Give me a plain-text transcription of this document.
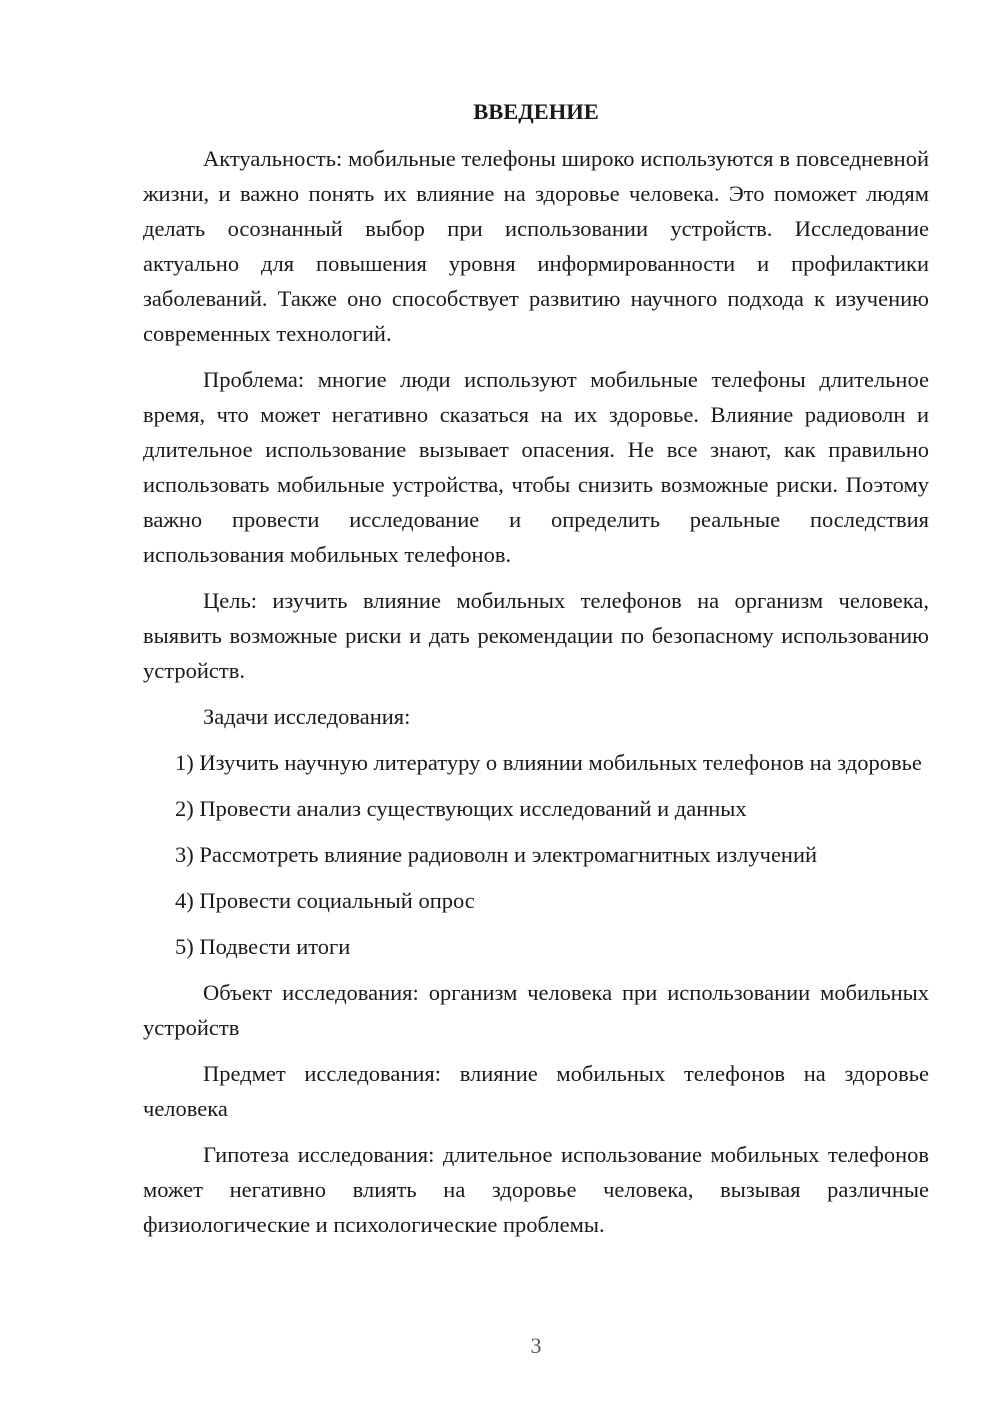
ВВЕДЕНИЕ

Актуальность: мобильные телефоны широко используются в повседневной жизни, и важно понять их влияние на здоровье человека. Это поможет людям делать осознанный выбор при использовании устройств. Исследование актуально для повышения уровня информированности и профилактики заболеваний. Также оно способствует развитию научного подхода к изучению современных технологий.

Проблема: многие люди используют мобильные телефоны длительное время, что может негативно сказаться на их здоровье. Влияние радиоволн и длительное использование вызывает опасения. Не все знают, как правильно использовать мобильные устройства, чтобы снизить возможные риски. Поэтому важно провести исследование и определить реальные последствия использования мобильных телефонов.

Цель: изучить влияние мобильных телефонов на организм человека, выявить возможные риски и дать рекомендации по безопасному использованию устройств.

Задачи исследования:

1) Изучить научную литературу о влиянии мобильных телефонов на здоровье

2) Провести анализ существующих исследований и данных

3) Рассмотреть влияние радиоволн и электромагнитных излучений

4) Провести социальный опрос

5) Подвести итоги

Объект исследования: организм человека при использовании мобильных устройств

Предмет исследования: влияние мобильных телефонов на здоровье человека

Гипотеза исследования: длительное использование мобильных телефонов может негативно влиять на здоровье человека, вызывая различные физиологические и психологические проблемы.

3
